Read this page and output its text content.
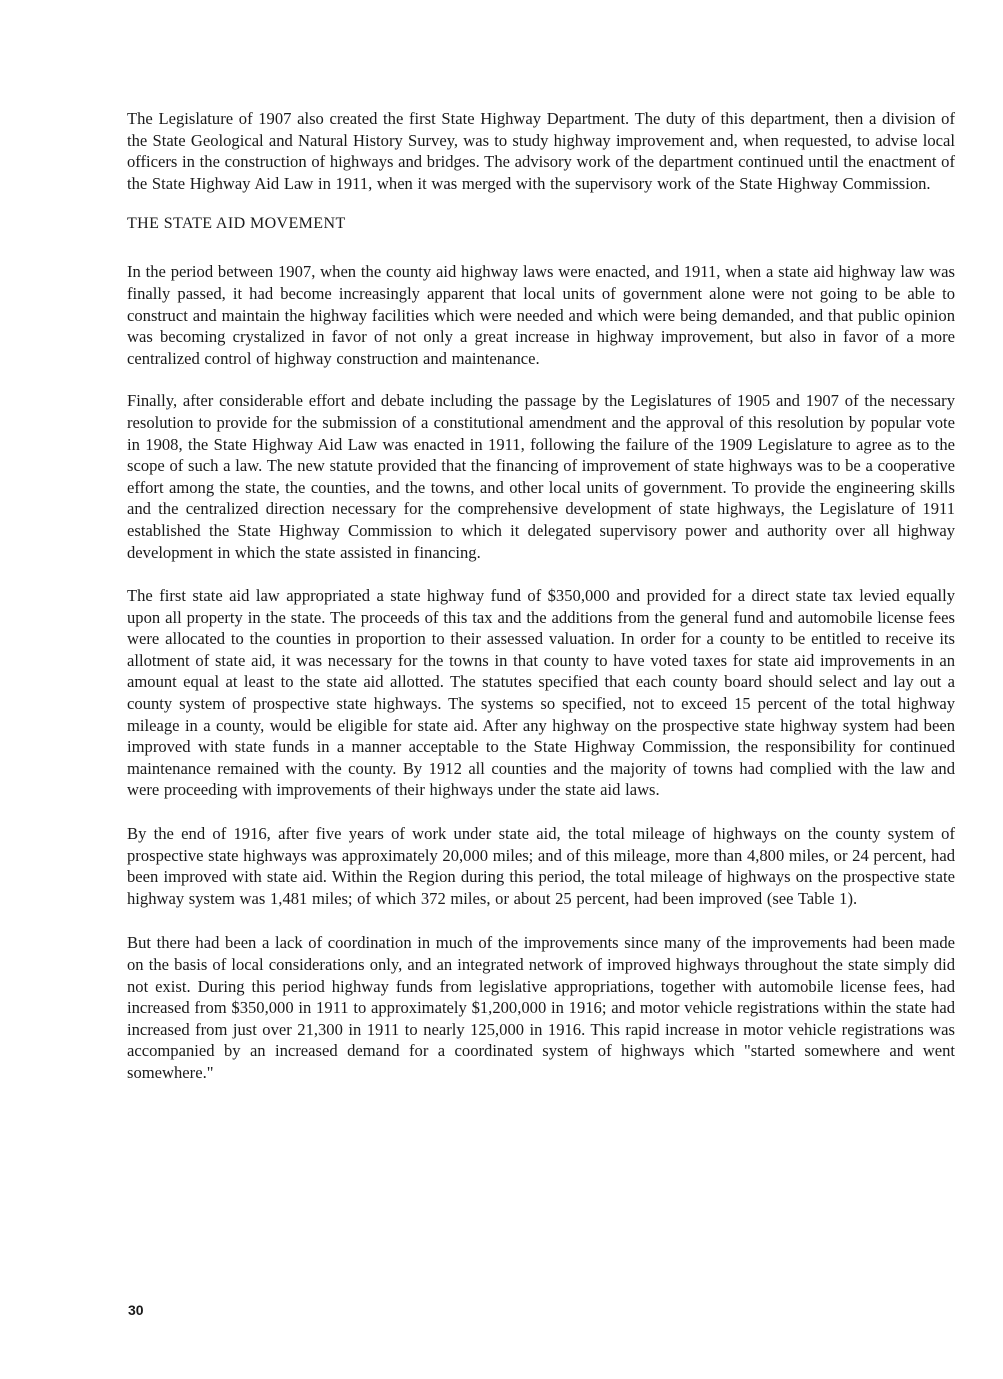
The Legislature of 1907 also created the first State Highway Department. The duty of this department, then a division of the State Geological and Natural History Survey, was to study highway improvement and, when requested, to advise local officers in the construction of highways and bridges. The advisory work of the department continued until the enactment of the State Highway Aid Law in 1911, when it was merged with the supervisory work of the State Highway Commission.

THE STATE AID MOVEMENT

In the period between 1907, when the county aid highway laws were enacted, and 1911, when a state aid highway law was finally passed, it had become increasingly apparent that local units of government alone were not going to be able to construct and maintain the highway facilities which were needed and which were being demanded, and that public opinion was becoming crystalized in favor of not only a great increase in highway improvement, but also in favor of a more centralized control of highway construction and maintenance.

Finally, after considerable effort and debate including the passage by the Legislatures of 1905 and 1907 of the necessary resolution to provide for the submission of a constitutional amendment and the approval of this resolution by popular vote in 1908, the State Highway Aid Law was enacted in 1911, following the failure of the 1909 Legislature to agree as to the scope of such a law. The new statute provided that the financing of improvement of state highways was to be a cooperative effort among the state, the counties, and the towns, and other local units of government. To provide the engineering skills and the centralized direction necessary for the comprehensive development of state highways, the Legislature of 1911 established the State Highway Commission to which it delegated supervisory power and authority over all highway development in which the state assisted in financing.

The first state aid law appropriated a state highway fund of $350,000 and provided for a direct state tax levied equally upon all property in the state. The proceeds of this tax and the additions from the general fund and automobile license fees were allocated to the counties in proportion to their assessed valuation. In order for a county to be entitled to receive its allotment of state aid, it was necessary for the towns in that county to have voted taxes for state aid improvements in an amount equal at least to the state aid allotted. The statutes specified that each county board should select and lay out a county system of prospective state highways. The systems so specified, not to exceed 15 percent of the total highway mileage in a county, would be eligible for state aid. After any highway on the prospective state highway system had been improved with state funds in a manner acceptable to the State Highway Commission, the responsibility for continued maintenance remained with the county. By 1912 all counties and the majority of towns had complied with the law and were proceeding with improvements of their highways under the state aid laws.

By the end of 1916, after five years of work under state aid, the total mileage of highways on the county system of prospective state highways was approximately 20,000 miles; and of this mileage, more than 4,800 miles, or 24 percent, had been improved with state aid. Within the Region during this period, the total mileage of highways on the prospective state highway system was 1,481 miles; of which 372 miles, or about 25 percent, had been improved (see Table 1).

But there had been a lack of coordination in much of the improvements since many of the improvements had been made on the basis of local considerations only, and an integrated network of improved highways throughout the state simply did not exist. During this period highway funds from legislative appropriations, together with automobile license fees, had increased from $350,000 in 1911 to approximately $1,200,000 in 1916; and motor vehicle registrations within the state had increased from just over 21,300 in 1911 to nearly 125,000 in 1916. This rapid increase in motor vehicle registrations was accompanied by an increased demand for a coordinated system of highways which "started somewhere and went somewhere."

30
